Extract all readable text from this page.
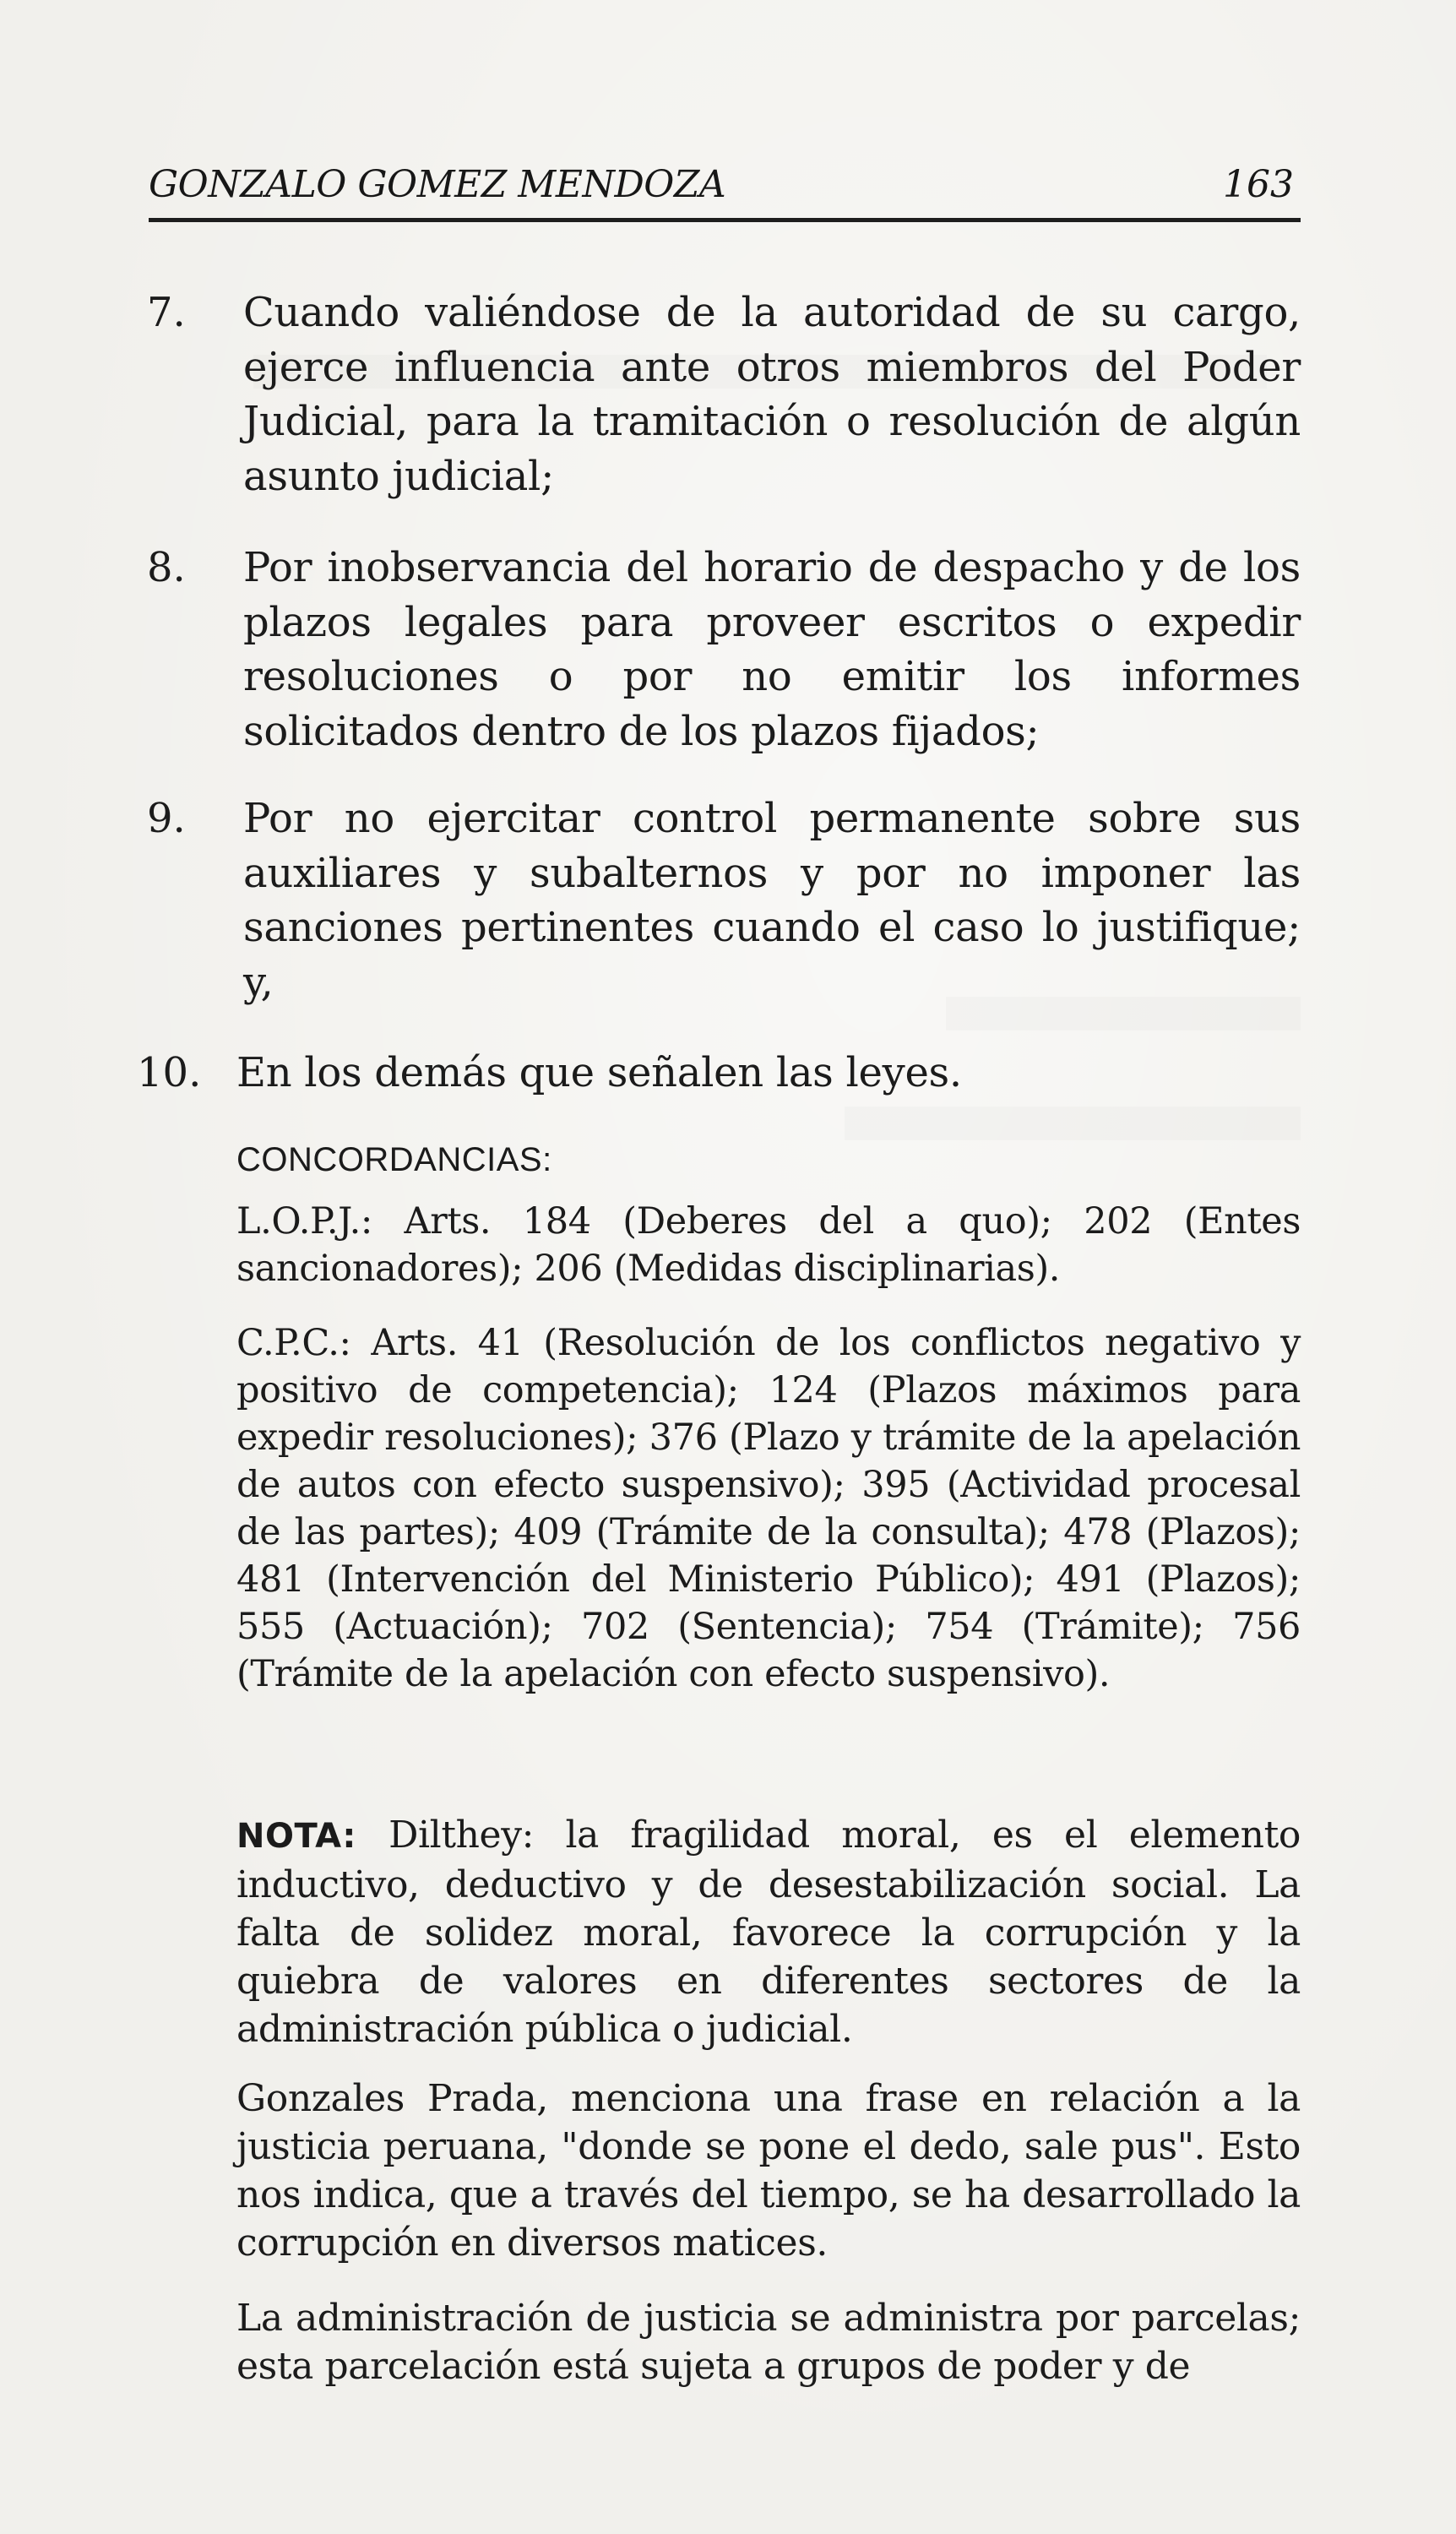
GONZALO GOMEZ MENDOZA	163
7. Cuando valiéndose de la autoridad de su cargo, ejerce influencia ante otros miembros del Poder Judicial, para la tramitación o resolución de algún asunto judicial;
8. Por inobservancia del horario de despacho y de los plazos legales para proveer escritos o expedir resoluciones o por no emitir los informes solicitados dentro de los plazos fijados;
9. Por no ejercitar control permanente sobre sus auxiliares y subalternos y por no imponer las sanciones pertinentes cuando el caso lo justifique; y,
10. En los demás que señalen las leyes.
CONCORDANCIAS:
L.O.P.J.: Arts. 184 (Deberes del a quo); 202 (Entes sancionadores); 206 (Medidas disciplinarias).
C.P.C.: Arts. 41 (Resolución de los conflictos negativo y positivo de competencia); 124 (Plazos máximos para expedir resoluciones); 376 (Plazo y trámite de la apelación de autos con efecto suspensivo); 395 (Actividad procesal de las partes); 409 (Trámite de la consulta); 478 (Plazos); 481 (Intervención del Ministerio Público); 491 (Plazos); 555 (Actuación); 702 (Sentencia); 754 (Trámite); 756 (Trámite de la apelación con efecto suspensivo).
NOTA: Dilthey: la fragilidad moral, es el elemento inductivo, deductivo y de desestabilización social. La falta de solidez moral, favorece la corrupción y la quiebra de valores en diferentes sectores de la administración pública o judicial.
Gonzales Prada, menciona una frase en relación a la justicia peruana, "donde se pone el dedo, sale pus". Esto nos indica, que a través del tiempo, se ha desarrollado la corrupción en diversos matices.
La administración de justicia se administra por parcelas; esta parcelación está sujeta a grupos de poder y de
